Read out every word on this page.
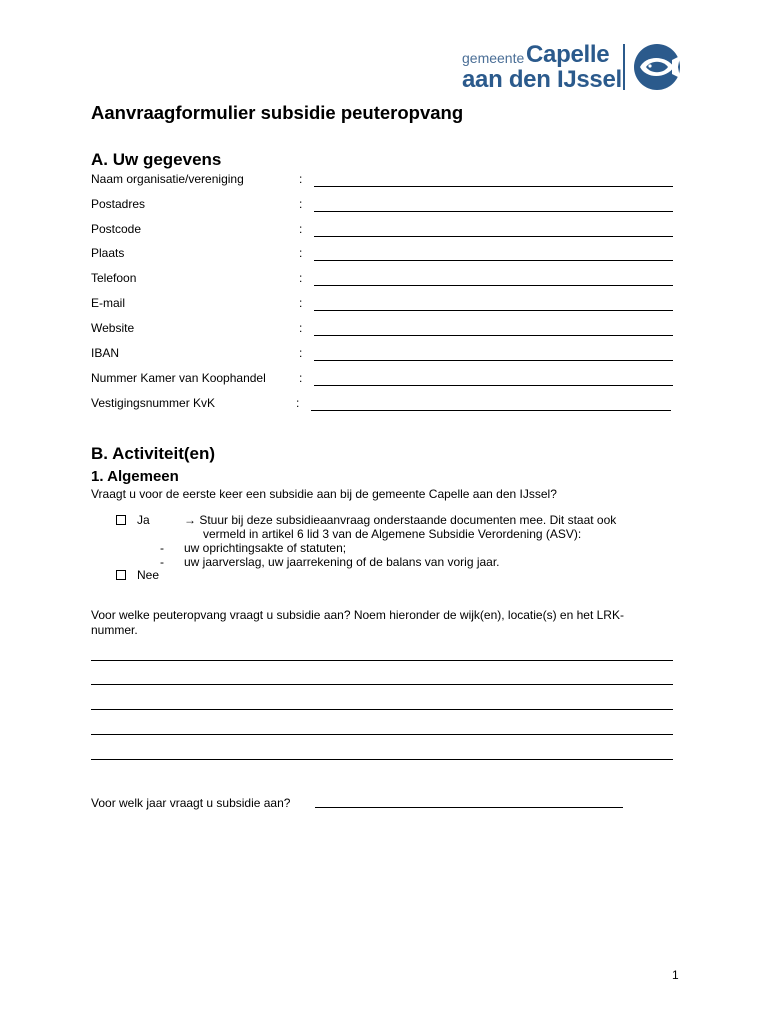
gemeente Capelle
aan den IJssel
Aanvraagformulier subsidie peuteropvang
A. Uw gegevens
Naam organisatie/vereniging	:
Postadres	:
Postcode	:
Plaats	:
Telefoon	:
E-mail	:
Website	:
IBAN	:
Nummer Kamer van Koophandel	:
Vestigingsnummer KvK	:
B. Activiteit(en)
1. Algemeen
Vraagt u voor de eerste keer een subsidie aan bij de gemeente Capelle aan den IJssel?
Ja	→ Stuur bij deze subsidieaanvraag onderstaande documenten mee. Dit staat ook
vermeld in artikel 6 lid 3 van de Algemene Subsidie Verordening (ASV):
- uw oprichtingsakte of statuten;
- uw jaarverslag, uw jaarrekening of de balans van vorig jaar.
Nee
Voor welke peuteropvang vraagt u subsidie aan? Noem hieronder de wijk(en), locatie(s) en het LRK-
nummer.
Voor welk jaar vraagt u subsidie aan?
1
